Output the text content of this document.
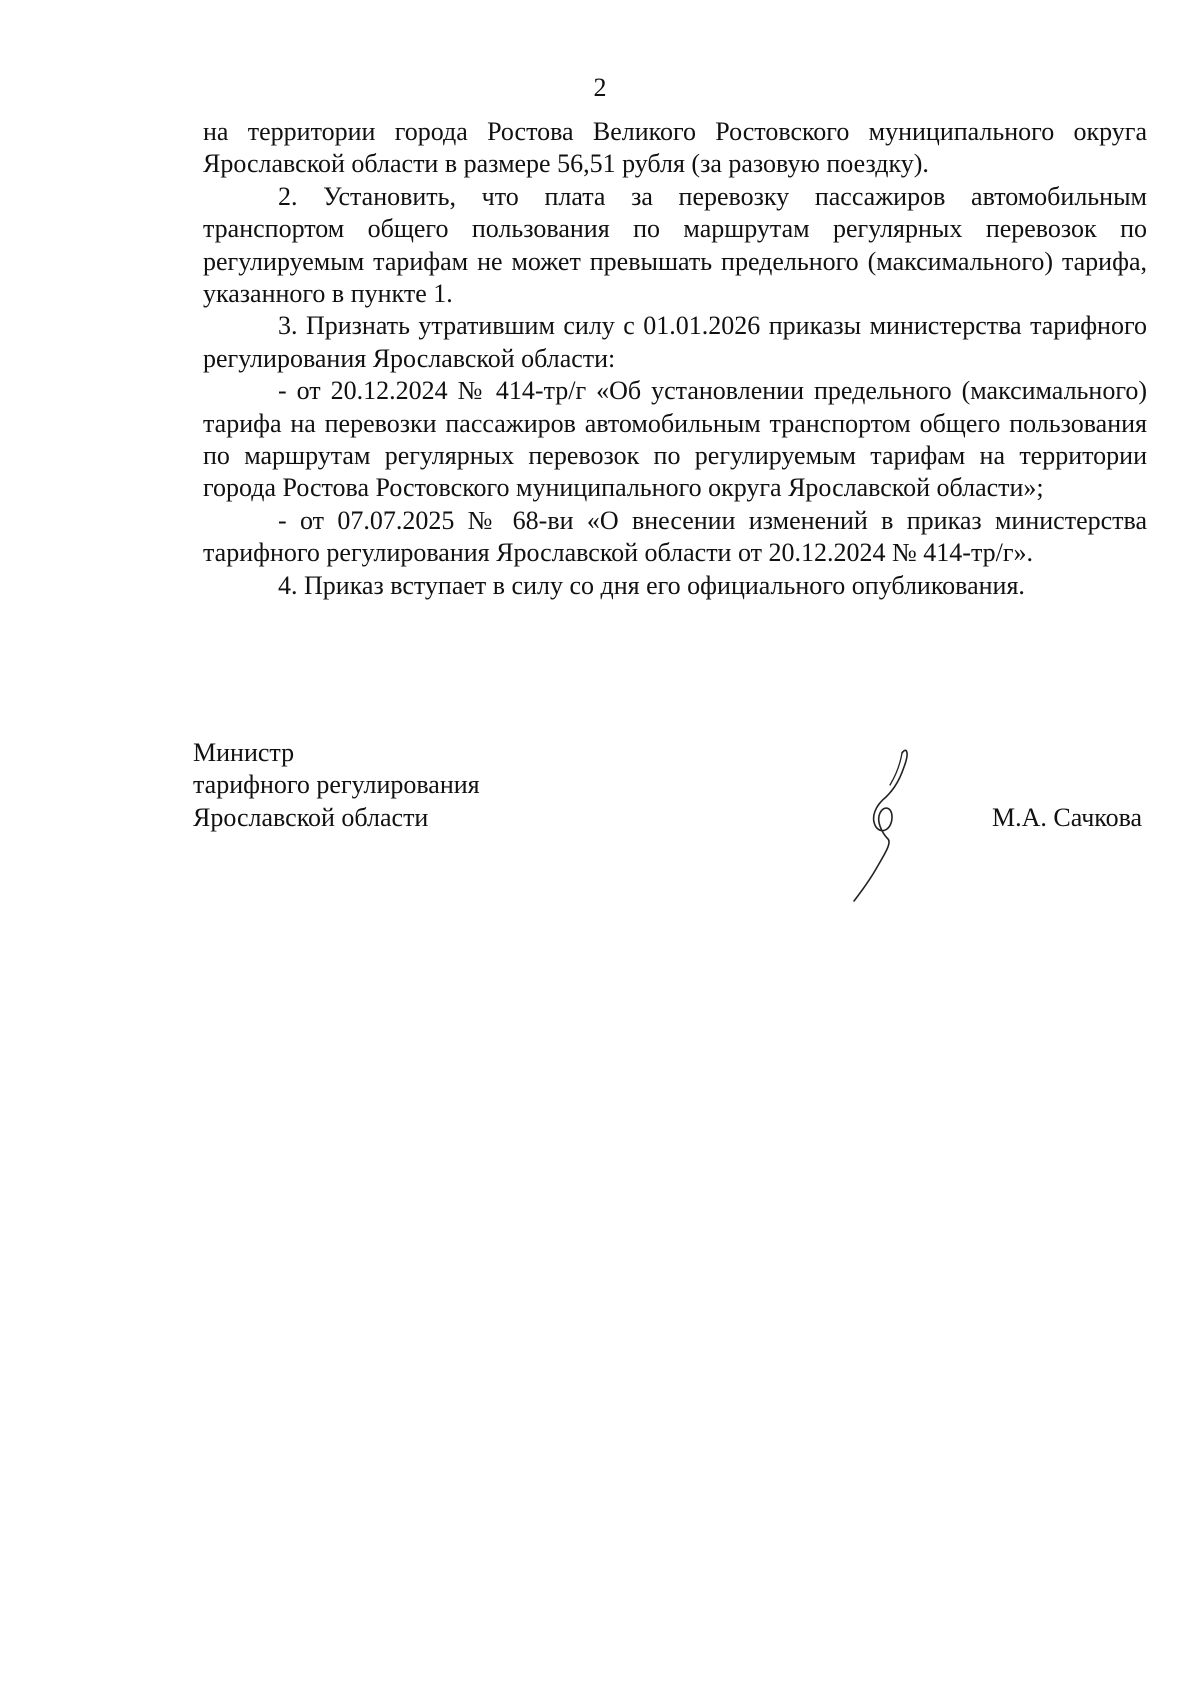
2

на территории города Ростова Великого Ростовского муниципального округа Ярославской области в размере 56,51 рубля (за разовую поездку).

2. Установить, что плата за перевозку пассажиров автомобильным транспортом общего пользования по маршрутам регулярных перевозок по регулируемым тарифам не может превышать предельного (максимального) тарифа, указанного в пункте 1.

3. Признать утратившим силу с 01.01.2026 приказы министерства тарифного регулирования Ярославской области:

- от 20.12.2024 № 414-тр/г «Об установлении предельного (максимального) тарифа на перевозки пассажиров автомобильным транспортом общего пользования по маршрутам регулярных перевозок по регулируемым тарифам на территории города Ростова Ростовского муниципального округа Ярославской области»;

- от 07.07.2025 № 68-ви «О внесении изменений в приказ министерства тарифного регулирования Ярославской области от 20.12.2024 № 414-тр/г».

4. Приказ вступает в силу со дня его официального опубликования.

Министр
тарифного регулирования
Ярославской области	М.А. Сачкова
